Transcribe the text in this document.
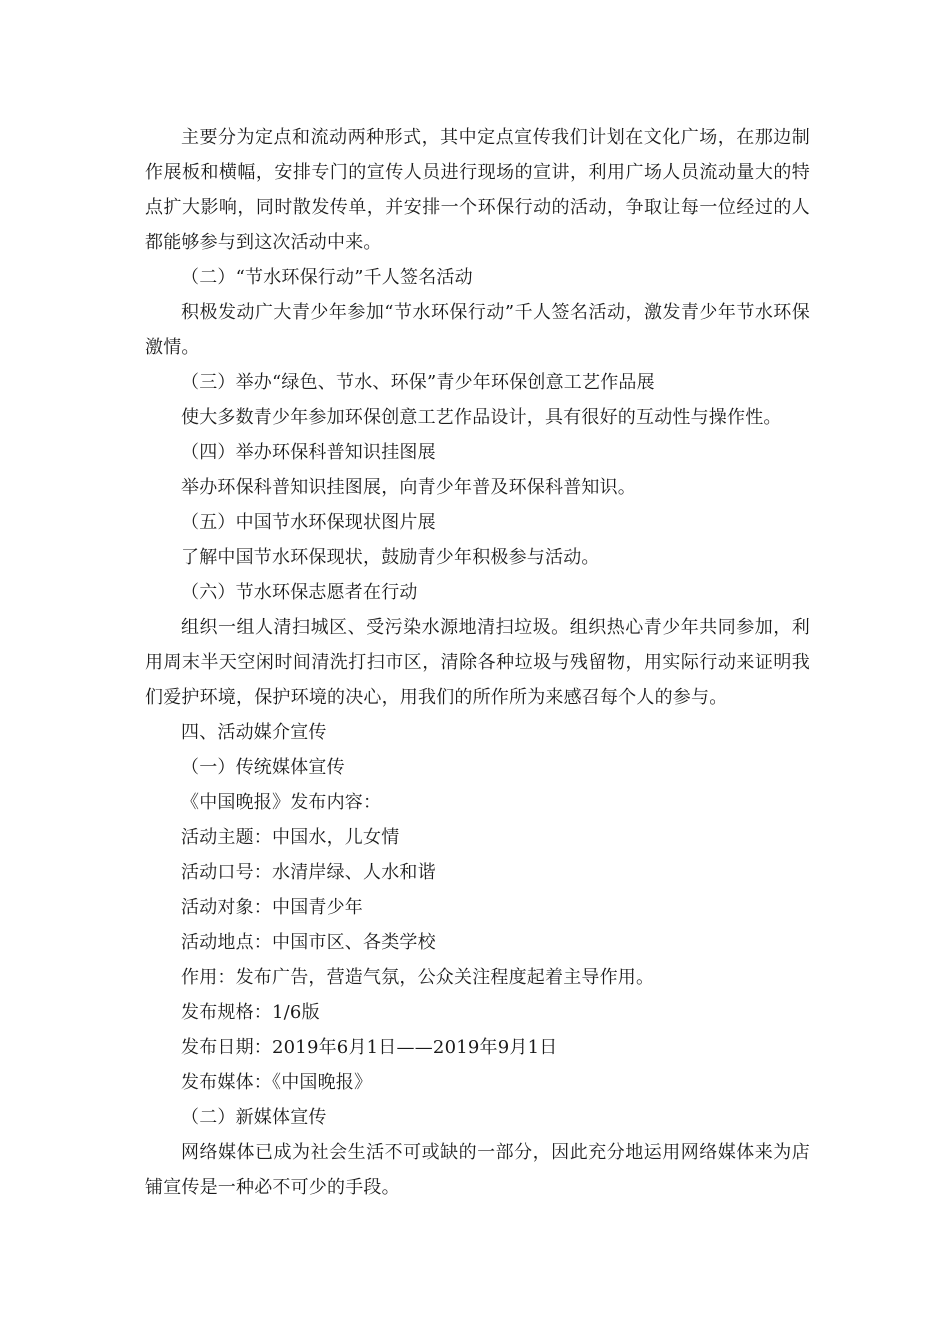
主要分为定点和流动两种形式，其中定点宣传我们计划在文化广场，在那边制作展板和横幅，安排专门的宣传人员进行现场的宣讲，利用广场人员流动量大的特点扩大影响，同时散发传单，并安排一个环保行动的活动，争取让每一位经过的人都能够参与到这次活动中来。

（二）“节水环保行动”千人签名活动

积极发动广大青少年参加“节水环保行动”千人签名活动，激发青少年节水环保激情。

（三）举办“绿色、节水、环保”青少年环保创意工艺作品展

使大多数青少年参加环保创意工艺作品设计，具有很好的互动性与操作性。

（四）举办环保科普知识挂图展

举办环保科普知识挂图展，向青少年普及环保科普知识。

（五）中国节水环保现状图片展

了解中国节水环保现状，鼓励青少年积极参与活动。

（六）节水环保志愿者在行动

组织一组人清扫城区、受污染水源地清扫垃圾。组织热心青少年共同参加，利用周末半天空闲时间清洗打扫市区，清除各种垃圾与残留物，用实际行动来证明我们爱护环境，保护环境的决心，用我们的所作所为来感召每个人的参与。

四、活动媒介宣传

（一）传统媒体宣传

《中国晚报》发布内容：

活动主题：中国水，儿女情

活动口号：水清岸绿、人水和谐

活动对象：中国青少年

活动地点：中国市区、各类学校

作用：发布广告，营造气氛，公众关注程度起着主导作用。

发布规格：1/6版

发布日期：2019年6月1日——2019年9月1日

发布媒体：《中国晚报》

（二）新媒体宣传

网络媒体已成为社会生活不可或缺的一部分，因此充分地运用网络媒体来为店铺宣传是一种必不可少的手段。
